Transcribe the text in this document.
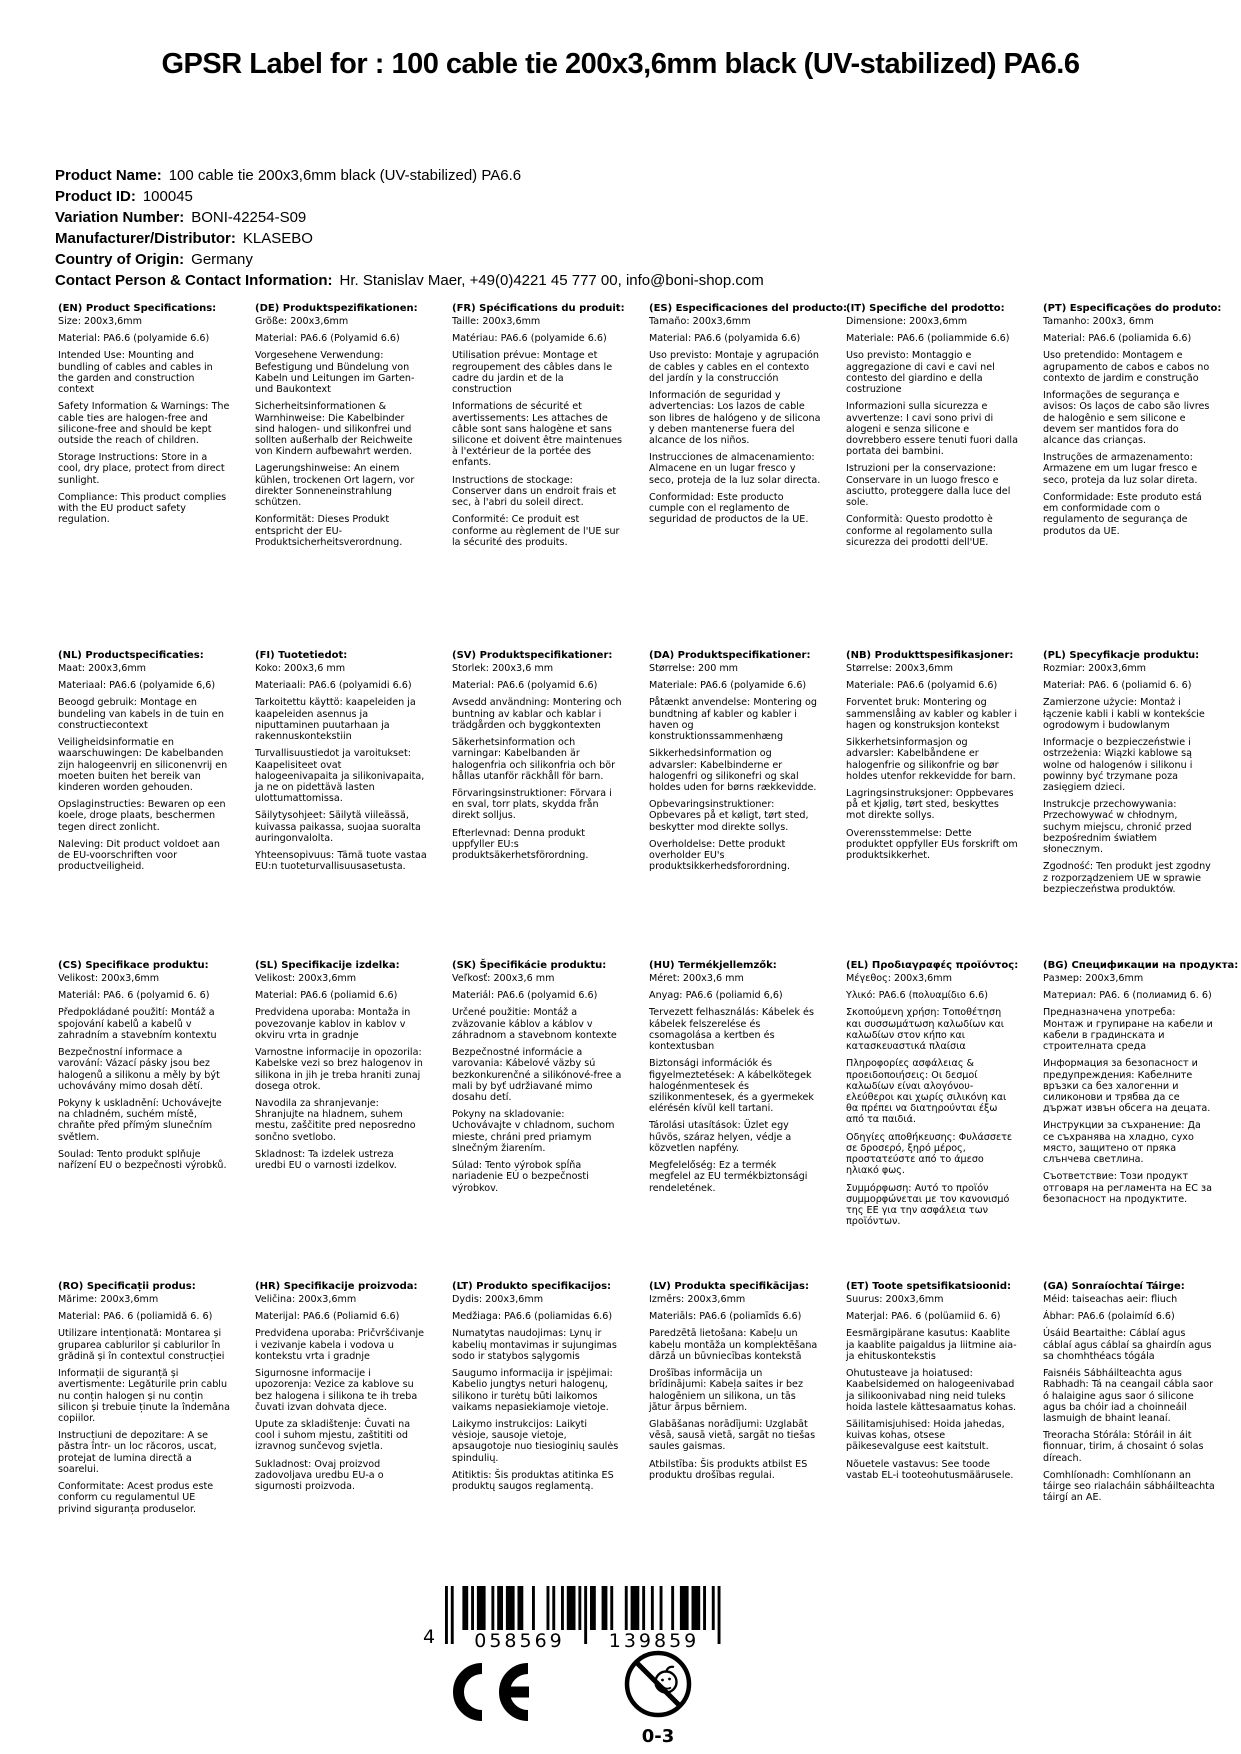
GPSR Label for : 100 cable tie 200x3,6mm black (UV-stabilized) PA6.6
Product Name: 100 cable tie 200x3,6mm black (UV-stabilized) PA6.6
Product ID: 100045
Variation Number: BONI-42254-S09
Manufacturer/Distributor: KLASEBO
Country of Origin: Germany
Contact Person & Contact Information: Hr. Stanislav Maer, +49(0)4221 45 777 00, info@boni-shop.com
(EN) Product Specifications:

Size: 200x3,6mm

Material: PA6.6 (polyamide 6.6)

Intended Use: Mounting and bundling of cables and cables in the garden and construction context

Safety Information & Warnings: The cable ties are halogen-free and silicone-free and should be kept outside the reach of children.

Storage Instructions: Store in a cool, dry place, protect from direct sunlight.

Compliance: This product complies with the EU product safety regulation.

(DE) Produktspezifikationen:

Größe: 200x3,6mm

Material: PA6.6 (Polyamid 6.6)

Vorgesehene Verwendung: Befestigung und Bündelung von Kabeln und Leitungen im Garten- und Baukontext

Sicherheitsinformationen & Warnhinweise: Die Kabelbinder sind halogen- und silikonfrei und sollten außerhalb der Reichweite von Kindern aufbewahrt werden.

Lagerungshinweise: An einem kühlen, trockenen Ort lagern, vor direkter Sonneneinstrahlung schützen.

Konformität: Dieses Produkt entspricht der EU-Produktsicherheitsverordnung.

(FR) Spécifications du produit:

Taille: 200x3,6mm

Matériau: PA6.6 (polyamide 6.6)

Utilisation prévue: Montage et regroupement des câbles dans le cadre du jardin et de la construction

Informations de sécurité et avertissements: Les attaches de câble sont sans halogène et sans silicone et doivent être maintenues à l'extérieur de la portée des enfants.

Instructions de stockage: Conserver dans un endroit frais et sec, à l'abri du soleil direct.

Conformité: Ce produit est conforme au règlement de l'UE sur la sécurité des produits.

(ES) Especificaciones del producto:

Tamaño: 200x3,6mm

Material: PA6.6 (polyamida 6.6)

Uso previsto: Montaje y agrupación de cables y cables en el contexto del jardín y la construcción

Información de seguridad y advertencias: Los lazos de cable son libres de halógeno y de silicona y deben mantenerse fuera del alcance de los niños.

Instrucciones de almacenamiento: Almacene en un lugar fresco y seco, proteja de la luz solar directa.

Conformidad: Este producto cumple con el reglamento de seguridad de productos de la UE.

(IT) Specifiche del prodotto:

Dimensione: 200x3,6mm

Materiale: PA6.6 (poliammide 6.6)

Uso previsto: Montaggio e aggregazione di cavi e cavi nel contesto del giardino e della costruzione

Informazioni sulla sicurezza e avvertenze: I cavi sono privi di alogeni e senza silicone e dovrebbero essere tenuti fuori dalla portata dei bambini.

Istruzioni per la conservazione: Conservare in un luogo fresco e asciutto, proteggere dalla luce del sole.

Conformità: Questo prodotto è conforme al regolamento sulla sicurezza dei prodotti dell'UE.

(PT) Especificações do produto:

Tamanho: 200x3, 6mm

Material: PA6.6 (poliamida 6.6)

Uso pretendido: Montagem e agrupamento de cabos e cabos no contexto de jardim e construção

Informações de segurança e avisos: Os laços de cabo são livres de halogênio e sem silicone e devem ser mantidos fora do alcance das crianças.

Instruções de armazenamento: Armazene em um lugar fresco e seco, proteja da luz solar direta.

Conformidade: Este produto está em conformidade com o regulamento de segurança de produtos da UE.

(NL) Productspecificaties:

Maat: 200x3,6mm

Materiaal: PA6.6 (polyamide 6,6)

Beoogd gebruik: Montage en bundeling van kabels in de tuin en constructiecontext

Veiligheidsinformatie en waarschuwingen: De kabelbanden zijn halogeenvrij en siliconenvrij en moeten buiten het bereik van kinderen worden gehouden.

Opslaginstructies: Bewaren op een koele, droge plaats, beschermen tegen direct zonlicht.

Naleving: Dit product voldoet aan de EU-voorschriften voor productveiligheid.

(FI) Tuotetiedot:

Koko: 200x3,6 mm

Materiaali: PA6.6 (polyamidi 6.6)

Tarkoitettu käyttö: kaapeleiden ja kaapeleiden asennus ja niputtaminen puutarhaan ja rakennuskontekstiin

Turvallisuustiedot ja varoitukset: Kaapelisiteet ovat halogeenivapaita ja silikonivapaita, ja ne on pidettävä lasten ulottumattomissa.

Säilytysohjeet: Säilytä viileässä, kuivassa paikassa, suojaa suoralta auringonvalolta.

Yhteensopivuus: Tämä tuote vastaa EU:n tuoteturvallisuusasetusta.

(SV) Produktspecifikationer:

Storlek: 200x3,6 mm

Material: PA6.6 (polyamid 6.6)

Avsedd användning: Montering och buntning av kablar och kablar i trädgården och byggkontexten

Säkerhetsinformation och varningar: Kabelbanden är halogenfria och silikonfria och bör hållas utanför räckhåll för barn.

Förvaringsinstruktioner: Förvara i en sval, torr plats, skydda från direkt solljus.

Efterlevnad: Denna produkt uppfyller EU:s produktsäkerhetsförordning.

(DA) Produktspecifikationer:

Størrelse: 200 mm

Materiale: PA6.6 (polyamide 6.6)

Påtænkt anvendelse: Montering og bundtning af kabler og kabler i haven og konstruktionssammenhæng

Sikkerhedsinformation og advarsler: Kabelbinderne er halogenfri og silikonefri og skal holdes uden for børns rækkevidde.

Opbevaringsinstruktioner: Opbevares på et køligt, tørt sted, beskytter mod direkte sollys.

Overholdelse: Dette produkt overholder EU's produktsikkerhedsforordning.

(NB) Produkttspesifikasjoner:

Størrelse: 200x3,6mm

Materiale: PA6.6 (polyamid 6.6)

Forventet bruk: Montering og sammenslåing av kabler og kabler i hagen og konstruksjon kontekst

Sikkerhetsinformasjon og advarsler: Kabelbåndene er halogenfrie og silikonfrie og bør holdes utenfor rekkevidde for barn.

Lagringsinstruksjoner: Oppbevares på et kjølig, tørt sted, beskyttes mot direkte sollys.

Overensstemmelse: Dette produktet oppfyller EUs forskrift om produktsikkerhet.

(PL) Specyfikacje produktu:

Rozmiar: 200x3,6mm

Materiał: PA6. 6 (poliamid 6. 6)

Zamierzone użycie: Montaż i łączenie kabli i kabli w kontekście ogrodowym i budowlanym

Informacje o bezpieczeństwie i ostrzeżenia: Wiązki kablowe są wolne od halogenów i silikonu i powinny być trzymane poza zasięgiem dzieci.

Instrukcje przechowywania: Przechowywać w chłodnym, suchym miejscu, chronić przed bezpośrednim światłem słonecznym.

Zgodność: Ten produkt jest zgodny z rozporządzeniem UE w sprawie bezpieczeństwa produktów.

(CS) Specifikace produktu:

Velikost: 200x3,6mm

Materiál: PA6. 6 (polyamid 6. 6)

Předpokládané použití: Montáž a spojování kabelů a kabelů v zahradním a stavebním kontextu

Bezpečnostní informace a varování: Vázací pásky jsou bez halogenů a silikonu a měly by být uchovávány mimo dosah dětí.

Pokyny k uskladnění: Uchovávejte na chladném, suchém místě, chraňte před přímým slunečním světlem.

Soulad: Tento produkt splňuje nařízení EU o bezpečnosti výrobků.

(SL) Specifikacije izdelka:

Velikost: 200x3,6mm

Material: PA6.6 (poliamid 6.6)

Predvidena uporaba: Montaža in povezovanje kablov in kablov v okviru vrta in gradnje

Varnostne informacije in opozorila: Kabelske vezi so brez halogenov in silikona in jih je treba hraniti zunaj dosega otrok.

Navodila za shranjevanje: Shranjujte na hladnem, suhem mestu, zaščitite pred neposredno sončno svetlobo.

Skladnost: Ta izdelek ustreza uredbi EU o varnosti izdelkov.

(SK) Špecifikácie produktu:

Veľkosť: 200x3,6 mm

Materiál: PA6.6 (polyamid 6.6)

Určené použitie: Montáž a zväzovanie káblov a káblov v záhradnom a stavebnom kontexte

Bezpečnostné informácie a varovania: Kábelové väzby sú bezkonkurenčné a silikónové-free a mali by byť udržiavané mimo dosahu detí.

Pokyny na skladovanie: Uchovávajte v chladnom, suchom mieste, chráni pred priamym slnečným žiarením.

Súlad: Tento výrobok spĺňa nariadenie EÚ o bezpečnosti výrobkov.

(HU) Termékjellemzők:

Méret: 200x3,6 mm

Anyag: PA6.6 (poliamid 6,6)

Tervezett felhasználás: Kábelek és kábelek felszerelése és csomagolása a kertben és kontextusban

Biztonsági információk és figyelmeztetések: A kábelkötegek halogénmentesek és szilikonmentesek, és a gyermekek elérésén kívül kell tartani.

Tárolási utasítások: Üzlet egy hűvös, száraz helyen, védje a közvetlen napfény.

Megfelelőség: Ez a termék megfelel az EU termékbiztonsági rendeletének.

(EL) Προδιαγραφές προϊόντος:

Μέγεθος: 200x3,6mm

Υλικό: PA6.6 (πολυαμίδιο 6.6)

Σκοπούμενη χρήση: Τοποθέτηση και συσσωμάτωση καλωδίων και καλωδίων στον κήπο και κατασκευαστικά πλαίσια

Πληροφορίες ασφάλειας & προειδοποιήσεις: Οι δεσμοί καλωδίων είναι αλογόνου-ελεύθεροι και χωρίς σιλικόνη και θα πρέπει να διατηρούνται έξω από τα παιδιά.

Οδηγίες αποθήκευσης: Φυλάσσετε σε δροσερό, ξηρό μέρος, προστατεύστε από το άμεσο ηλιακό φως.

Συμμόρφωση: Αυτό το προϊόν συμμορφώνεται με τον κανονισμό της ΕΕ για την ασφάλεια των προϊόντων.

(BG) Спецификации на продукта:

Размер: 200x3,6mm

Материал: PA6. 6 (полиамид 6. 6)

Предназначена употреба: Монтаж и групиране на кабели и кабели в градинската и строителната среда

Информация за безопасност и предупреждения: Кабелните връзки са без халогенни и силиконови и трябва да се държат извън обсега на децата.

Инструкции за съхранение: Да се съхранява на хладно, сухо място, защитено от пряка слънчева светлина.

Съответствие: Този продукт отговаря на регламента на ЕС за безопасност на продуктите.

(RO) Specificații produs:

Mărime: 200x3,6mm

Material: PA6. 6 (poliamidă 6. 6)

Utilizare intenționată: Montarea și gruparea cablurilor și cablurilor în grădină și în contextul construcției

Informații de siguranță și avertismente: Legăturile prin cablu nu conțin halogen și nu conțin silicon și trebuie ținute la îndemâna copiilor.

Instrucțiuni de depozitare: A se păstra într- un loc răcoros, uscat, protejat de lumina directă a soarelui.

Conformitate: Acest produs este conform cu regulamentul UE privind siguranța produselor.

(HR) Specifikacije proizvoda:

Veličina: 200x3,6mm

Materijal: PA6.6 (Poliamid 6.6)

Predviđena uporaba: Pričvršćivanje i vezivanje kabela i vodova u kontekstu vrta i gradnje

Sigurnosne informacije i upozorenja: Vezice za kablove su bez halogena i silikona te ih treba čuvati izvan dohvata djece.

Upute za skladištenje: Čuvati na cool i suhom mjestu, zaštititi od izravnog sunčevog svjetla.

Sukladnost: Ovaj proizvod zadovoljava uredbu EU-a o sigurnosti proizvoda.

(LT) Produkto specifikacijos:

Dydis: 200x3,6mm

Medžiaga: PA6.6 (poliamidas 6.6)

Numatytas naudojimas: Lynų ir kabelių montavimas ir sujungimas sodo ir statybos sąlygomis

Saugumo informacija ir įspėjimai: Kabelio jungtys neturi halogenų, silikono ir turėtų būti laikomos vaikams nepasiekiamoje vietoje.

Laikymo instrukcijos: Laikyti vėsioje, sausoje vietoje, apsaugotoje nuo tiesioginių saulės spindulių.

Atitiktis: Šis produktas atitinka ES produktų saugos reglamentą.

(LV) Produkta specifikācijas:

Izmērs: 200x3,6mm

Materiāls: PA6.6 (poliamīds 6.6)

Paredzētā lietošana: Kabeļu un kabeļu montāža un komplektēšana dārzā un būvniecības kontekstā

Drošības informācija un brīdinājumi: Kabeļa saites ir bez halogēniem un silikona, un tās jātur ārpus bērniem.

Glabāšanas norādījumi: Uzglabāt vēsā, sausā vietā, sargāt no tiešas saules gaismas.

Atbilstība: Šis produkts atbilst ES produktu drošības regulai.

(ET) Toote spetsifikatsioonid:

Suurus: 200x3,6mm

Materjal: PA6. 6 (polüamiid 6. 6)

Eesmärgipärane kasutus: Kaablite ja kaablite paigaldus ja liitmine aia- ja ehituskontekstis

Ohutusteave ja hoiatused: Kaabelsidemed on halogeenivabad ja silikoonivabad ning neid tuleks hoida lastele kättesaamatus kohas.

Säilitamisjuhised: Hoida jahedas, kuivas kohas, otsese päikesevalguse eest kaitstult.

Nõuetele vastavus: See toode vastab EL-i tooteohutusmäärusele.

(GA) Sonraíochtaí Táirge:

Méid: taiseachas aeir: fliuch

Ábhar: PA6.6 (polaimíd 6.6)

Úsáid Beartaithe: Cáblaí agus cáblaí agus cáblaí sa ghairdín agus sa chomhthéacs tógála

Faisnéis Sábháilteachta agus Rabhadh: Tá na ceangail cábla saor ó halaigine agus saor ó silicone agus ba chóir iad a choinneáil lasmuigh de bhaint leanaí.

Treoracha Stórála: Stóráil in áit fionnuar, tirim, á chosaint ó solas díreach.

Comhlíonadh: Comhlíonann an táirge seo rialacháin sábháilteachta táirgí an AE.

4	058569	139859
0-3
